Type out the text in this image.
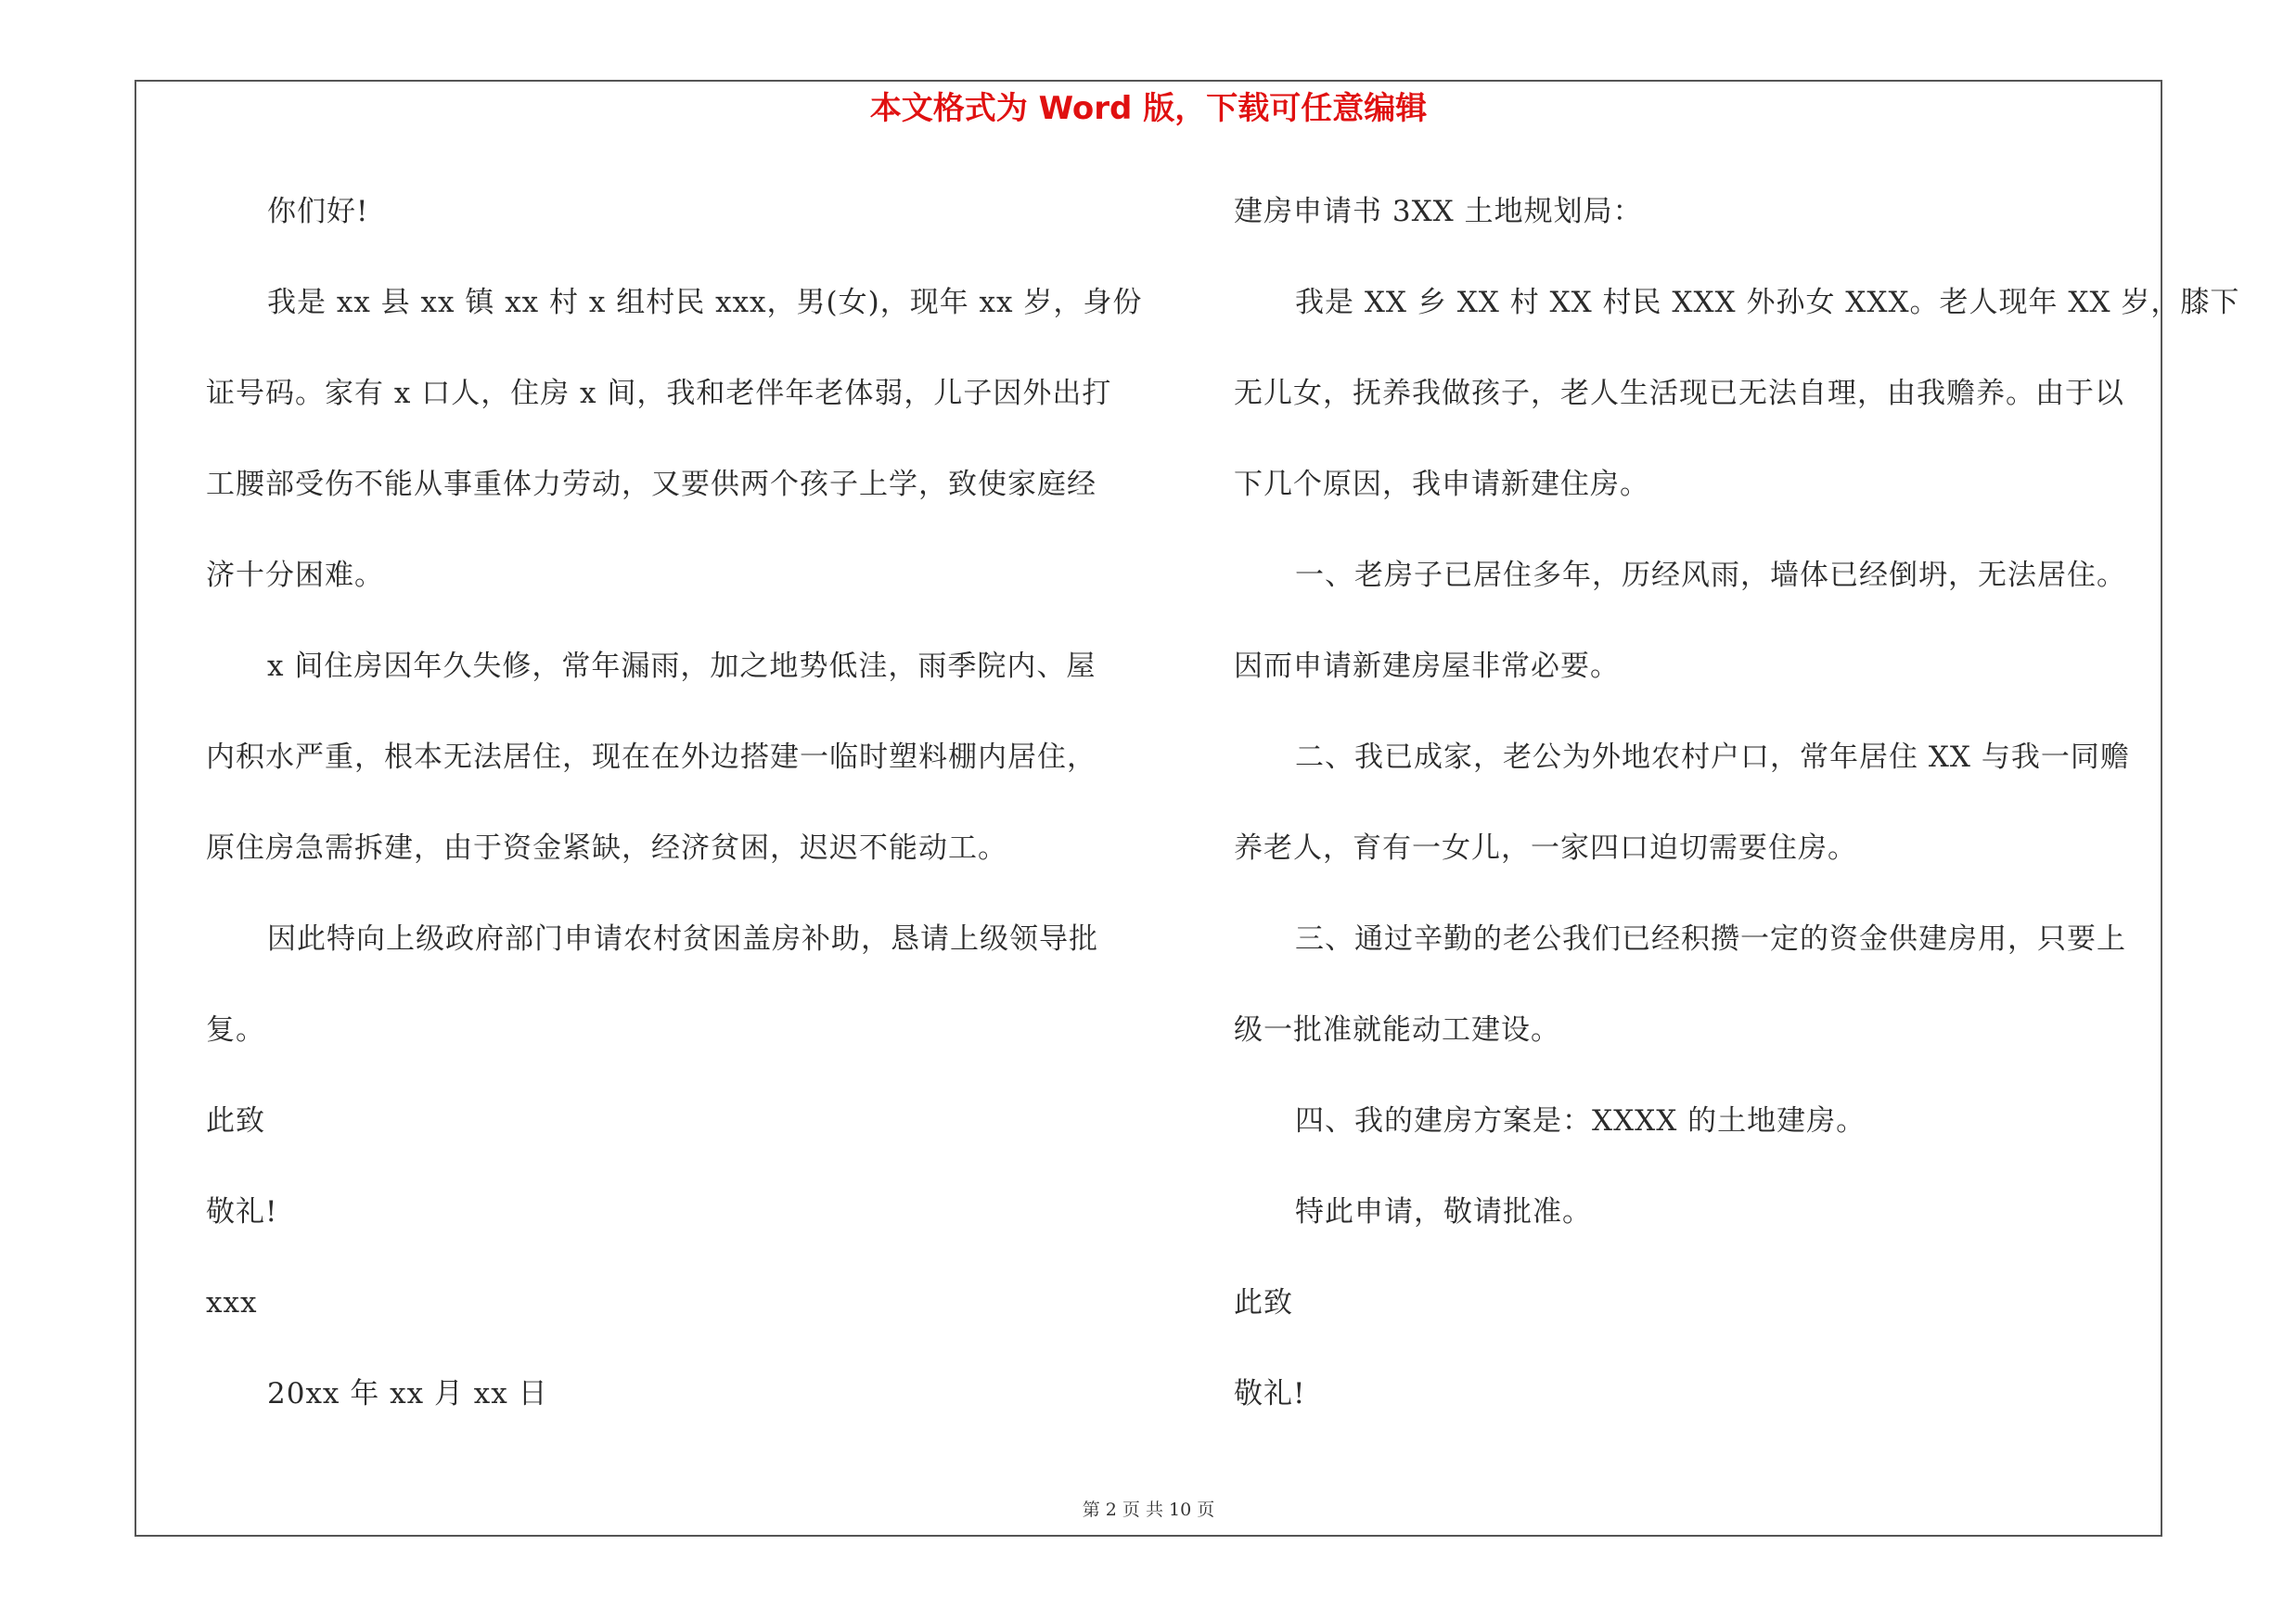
本文格式为 Word 版，下载可任意编辑
你们好!
我是 xx 县 xx 镇 xx 村 x 组村民 xxx，男(女)，现年 xx 岁，身份
证号码。家有 x 口人，住房 x 间，我和老伴年老体弱，儿子因外出打
工腰部受伤不能从事重体力劳动，又要供两个孩子上学，致使家庭经
济十分困难。
x 间住房因年久失修，常年漏雨，加之地势低洼，雨季院内、屋
内积水严重，根本无法居住，现在在外边搭建一临时塑料棚内居住，
原住房急需拆建，由于资金紧缺，经济贫困，迟迟不能动工。
因此特向上级政府部门申请农村贫困盖房补助，恳请上级领导批
复。
此致
敬礼!
xxx
20xx 年 xx 月 xx 日
建房申请书 3XX 土地规划局：
我是 XX 乡 XX 村 XX 村民 XXX 外孙女 XXX。老人现年 XX 岁，膝下
无儿女，抚养我做孩子，老人生活现已无法自理，由我赡养。由于以
下几个原因，我申请新建住房。
一、老房子已居住多年，历经风雨，墙体已经倒坍，无法居住。
因而申请新建房屋非常必要。
二、我已成家，老公为外地农村户口，常年居住 XX 与我一同赡
养老人，育有一女儿，一家四口迫切需要住房。
三、通过辛勤的老公我们已经积攒一定的资金供建房用，只要上
级一批准就能动工建设。
四、我的建房方案是：XXXX 的土地建房。
特此申请，敬请批准。
此致
敬礼!
第 2 页 共 10 页
